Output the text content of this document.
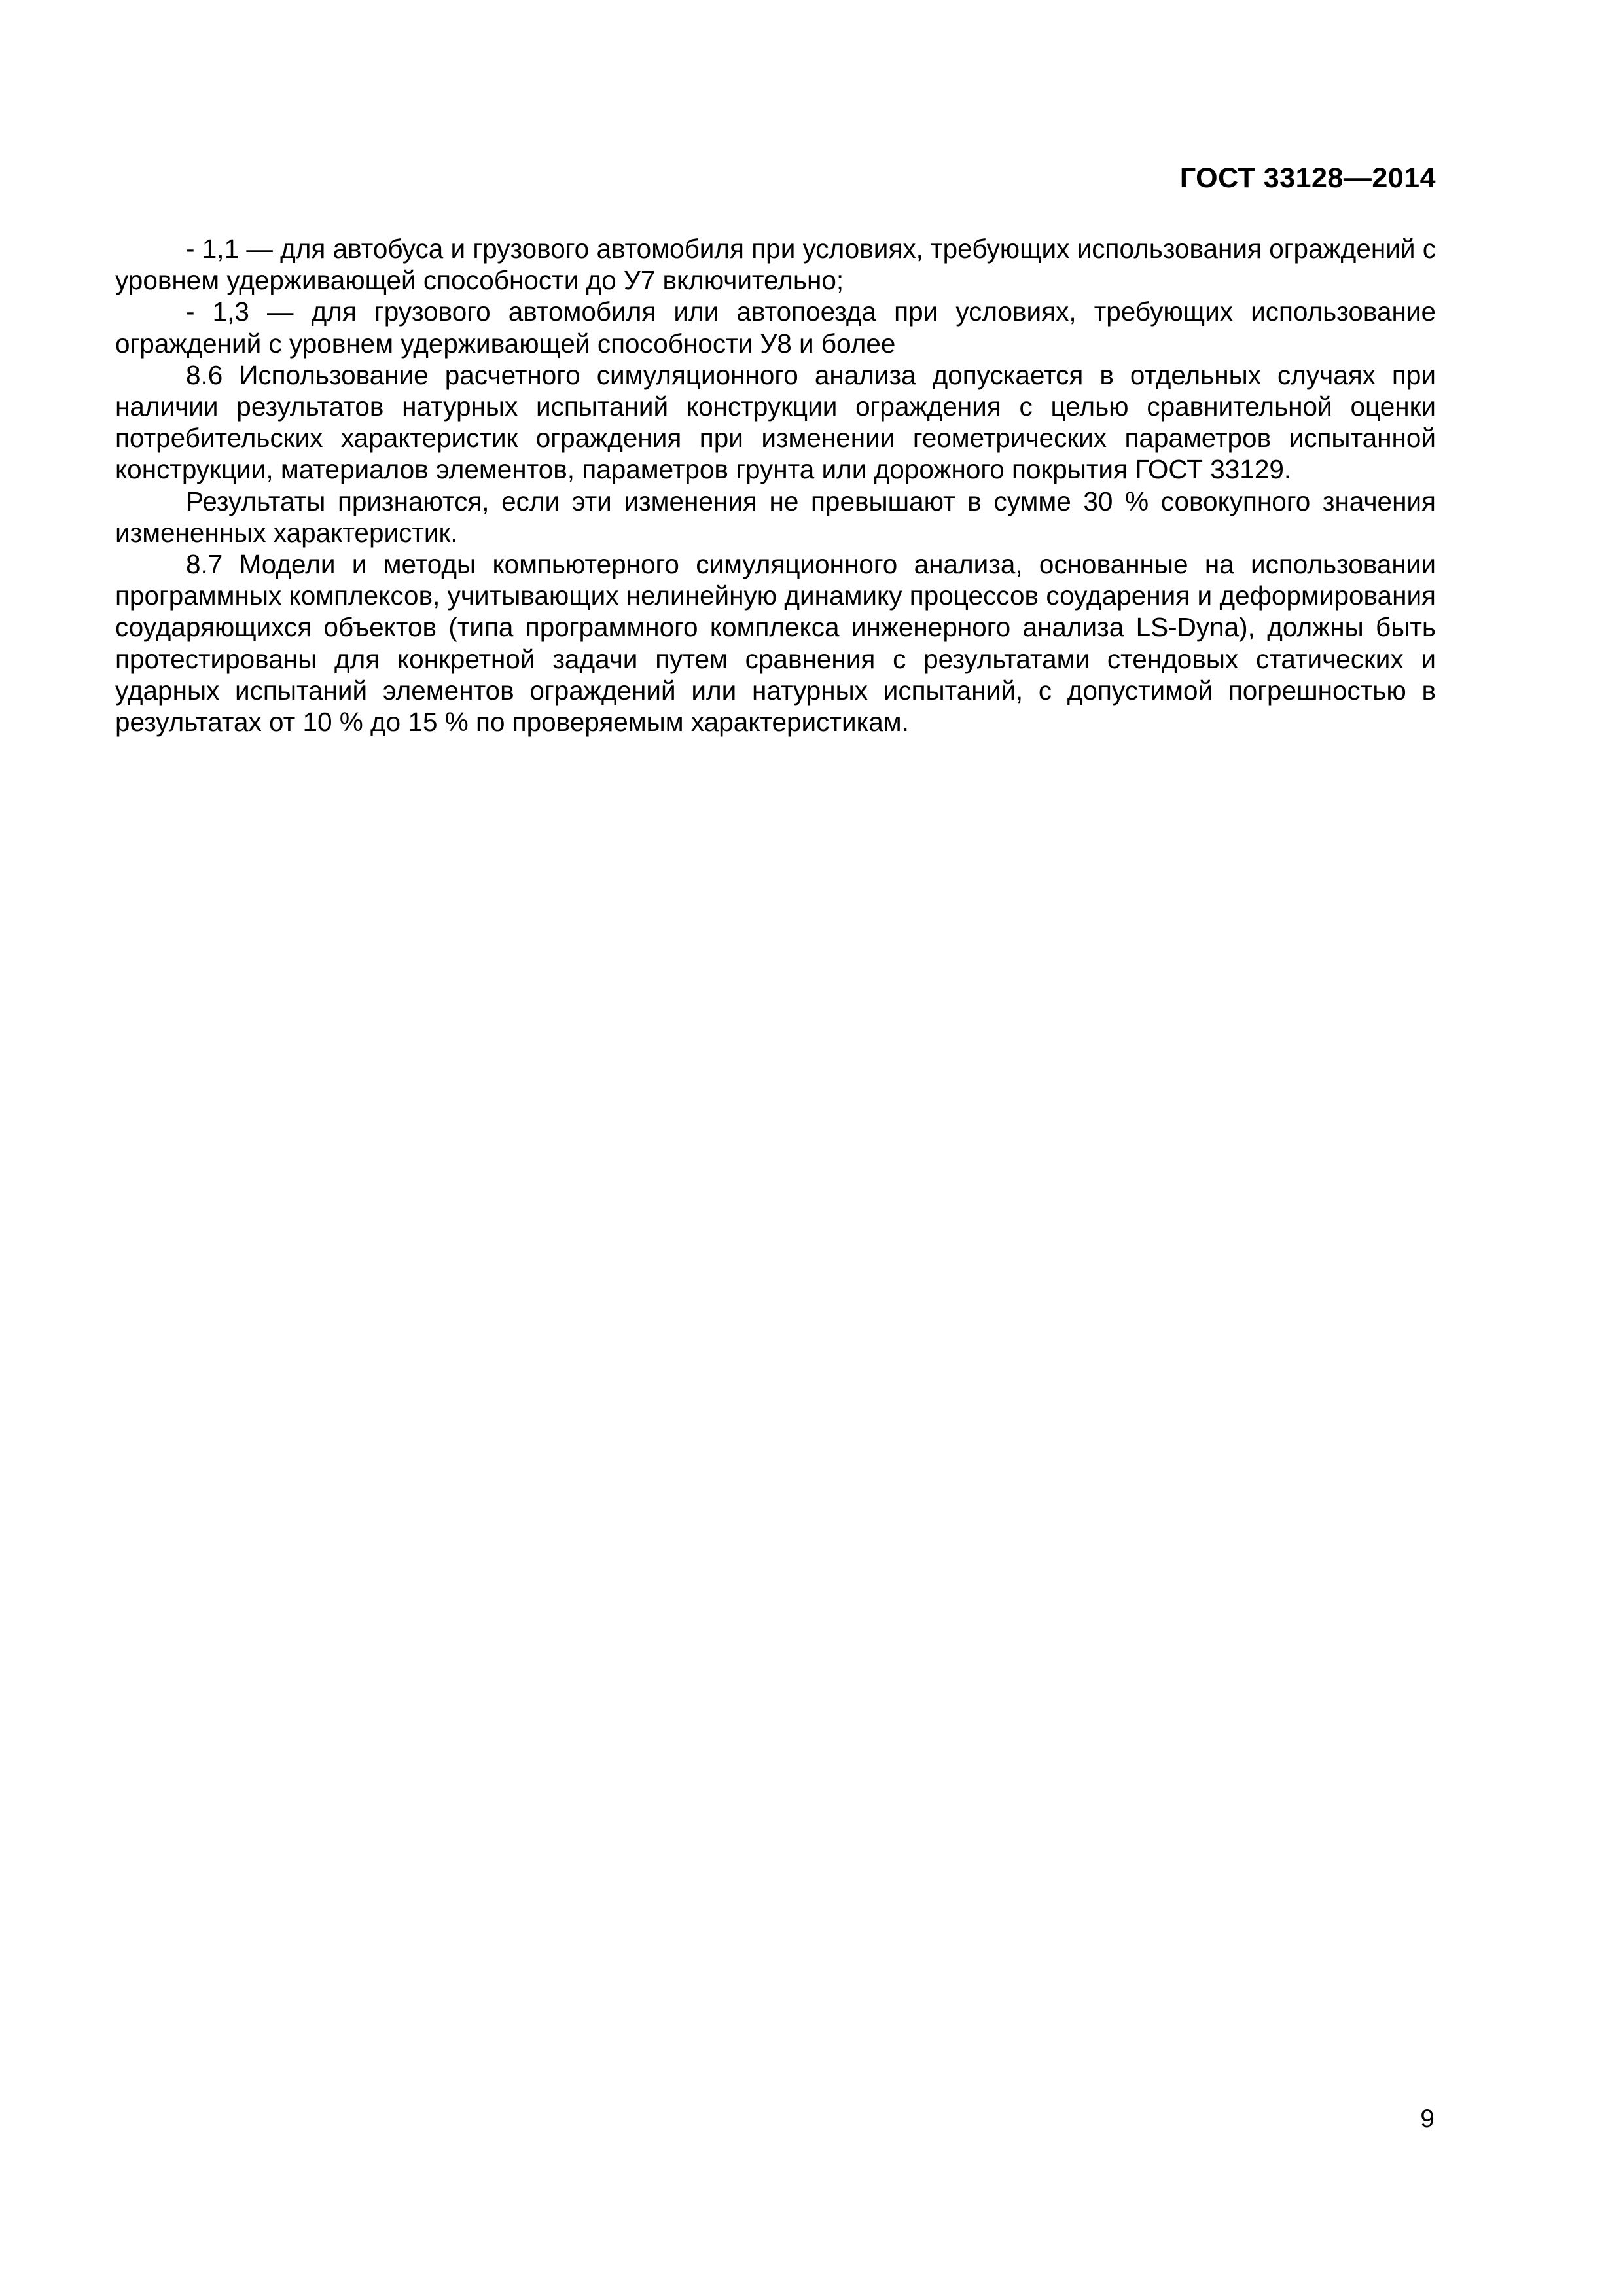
ГОСТ 33128—2014

- 1,1 — для автобуса и грузового автомобиля при условиях, требующих использования ограждений с уровнем удерживающей способности до У7 включительно;

- 1,3 — для грузового автомобиля или автопоезда при условиях, требующих использование ограждений с уровнем удерживающей способности У8 и более

8.6 Использование расчетного симуляционного анализа допускается в отдельных случаях при наличии результатов натурных испытаний конструкции ограждения с целью сравнительной оценки потребительских характеристик ограждения при изменении геометрических параметров испытанной конструкции, материалов элементов, параметров грунта или дорожного покрытия ГОСТ 33129.

Результаты признаются, если эти изменения не превышают в сумме 30 % совокупного значения измененных характеристик.

8.7 Модели и методы компьютерного симуляционного анализа, основанные на использовании программных комплексов, учитывающих нелинейную динамику процессов соударения и деформирования соударяющихся объектов (типа программного комплекса инженерного анализа LS-Dyna), должны быть протестированы для конкретной задачи путем сравнения с результатами стендовых статических и ударных испытаний элементов ограждений или натурных испытаний, с допустимой погрешностью в результатах от 10 % до 15 % по проверяемым характеристикам.

9
